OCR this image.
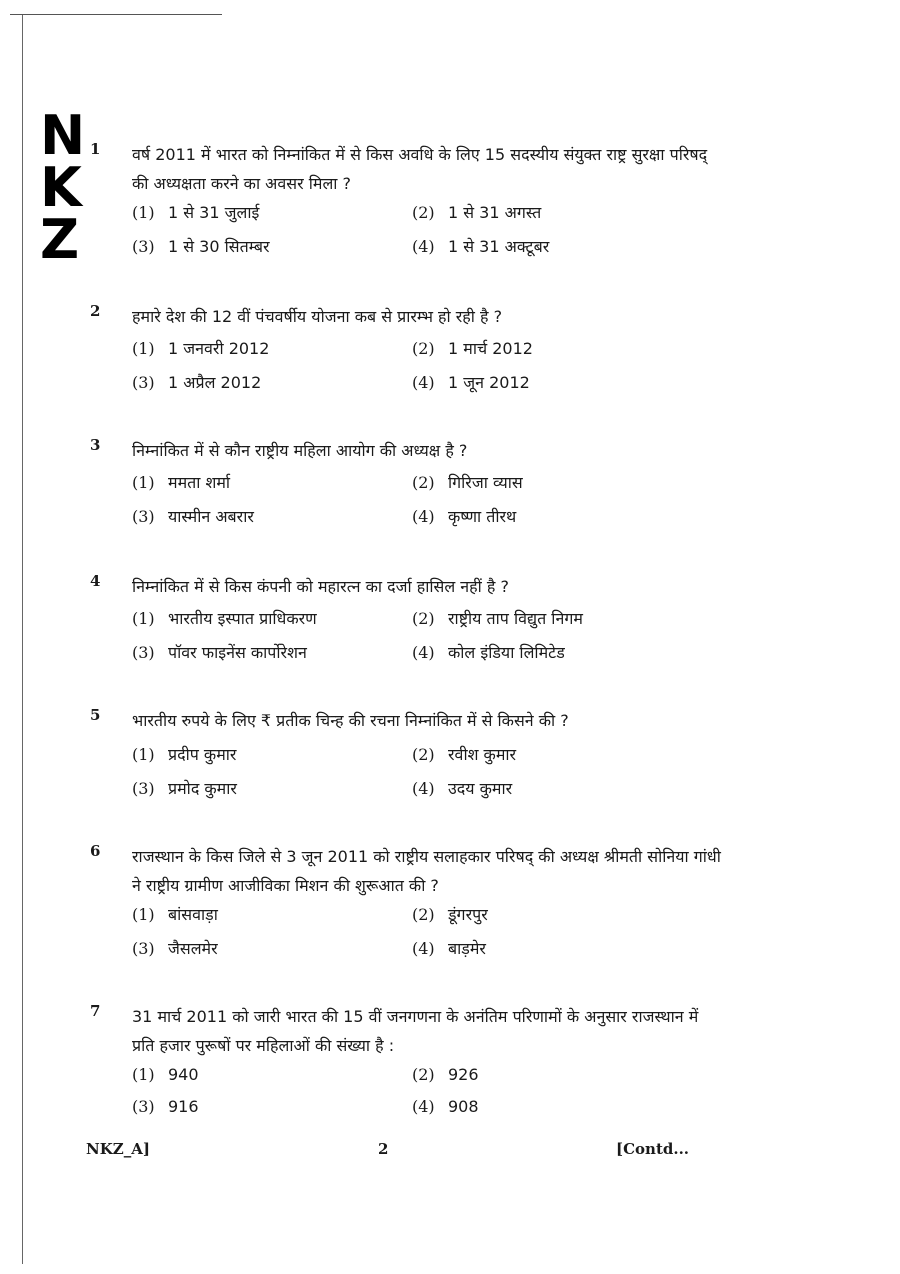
N
K
Z
1	वर्ष 2011 में भारत को निम्नांकित में से किस अवधि के लिए 15 सदस्यीय संयुक्त राष्ट्र सुरक्षा परिषद् की अध्यक्षता करने का अवसर मिला ?
(1) 1 से 31 जुलाई	(2) 1 से 31 अगस्त
(3) 1 से 30 सितम्बर	(4) 1 से 31 अक्टूबर
2	हमारे देश की 12 वीं पंचवर्षीय योजना कब से प्रारम्भ हो रही है ?
(1) 1 जनवरी 2012	(2) 1 मार्च 2012
(3) 1 अप्रैल 2012	(4) 1 जून 2012
3	निम्नांकित में से कौन राष्ट्रीय महिला आयोग की अध्यक्ष है ?
(1) ममता शर्मा	(2) गिरिजा व्यास
(3) यास्मीन अबरार	(4) कृष्णा तीरथ
4	निम्नांकित में से किस कंपनी को महारत्न का दर्जा हासिल नहीं है ?
(1) भारतीय इस्पात प्राधिकरण	(2) राष्ट्रीय ताप विद्युत निगम
(3) पॉवर फाइनेंस कार्पोरेशन	(4) कोल इंडिया लिमिटेड
5	भारतीय रुपये के लिए ₹ प्रतीक चिन्ह की रचना निम्नांकित में से किसने की ?
(1) प्रदीप कुमार	(2) रवीश कुमार
(3) प्रमोद कुमार	(4) उदय कुमार
6	राजस्थान के किस जिले से 3 जून 2011 को राष्ट्रीय सलाहकार परिषद् की अध्यक्ष श्रीमती सोनिया गांधी ने राष्ट्रीय ग्रामीण आजीविका मिशन की शुरूआत की ?
(1) बांसवाड़ा	(2) डूंगरपुर
(3) जैसलमेर	(4) बाड़मेर
7	31 मार्च 2011 को जारी भारत की 15 वीं जनगणना के अनंतिम परिणामों के अनुसार राजस्थान में प्रति हजार पुरूषों पर महिलाओं की संख्या है :
(1) 940	(2) 926
(3) 916	(4) 908
NKZ_A]	2	[Contd...
